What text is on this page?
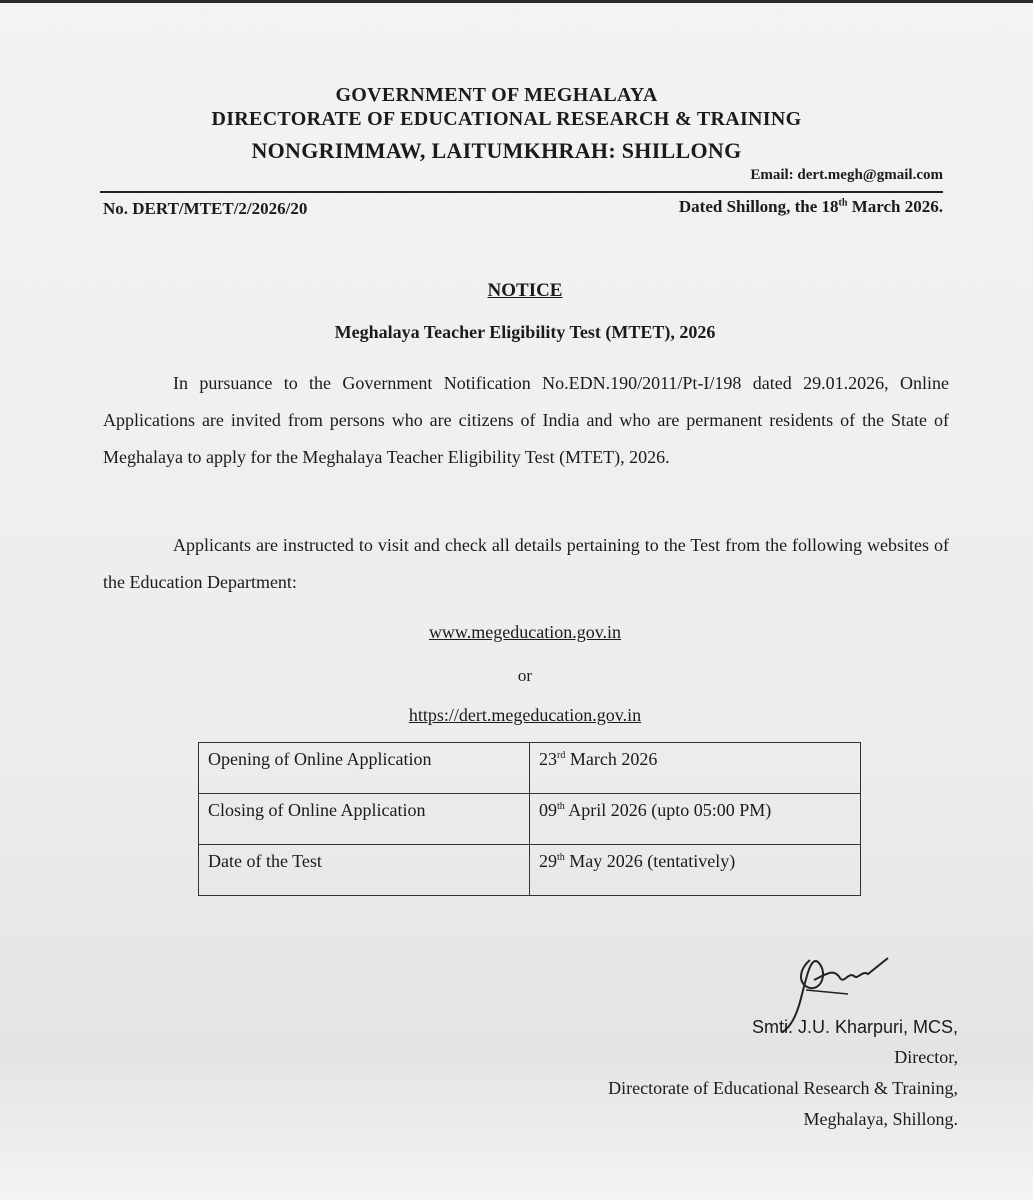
GOVERNMENT OF MEGHALAYA
DIRECTORATE OF EDUCATIONAL RESEARCH & TRAINING
NONGRIMMAW, LAITUMKHRAH: SHILLONG
Email: dert.megh@gmail.com
No. DERT/MTET/2/2026/20	Dated Shillong, the 18th March 2026.
NOTICE
Meghalaya Teacher Eligibility Test (MTET), 2026
In pursuance to the Government Notification No.EDN.190/2011/Pt-I/198 dated 29.01.2026, Online Applications are invited from persons who are citizens of India and who are permanent residents of the State of Meghalaya to apply for the Meghalaya Teacher Eligibility Test (MTET), 2026.
Applicants are instructed to visit and check all details pertaining to the Test from the following websites of the Education Department:
www.megeducation.gov.in
or
https://dert.megeducation.gov.in
Opening of Online Application	23rd March 2026
Closing of Online Application	09th April 2026 (upto 05:00 PM)
Date of the Test	29th May 2026 (tentatively)
Smti. J.U. Kharpuri, MCS,
Director,
Directorate of Educational Research & Training,
Meghalaya, Shillong.
